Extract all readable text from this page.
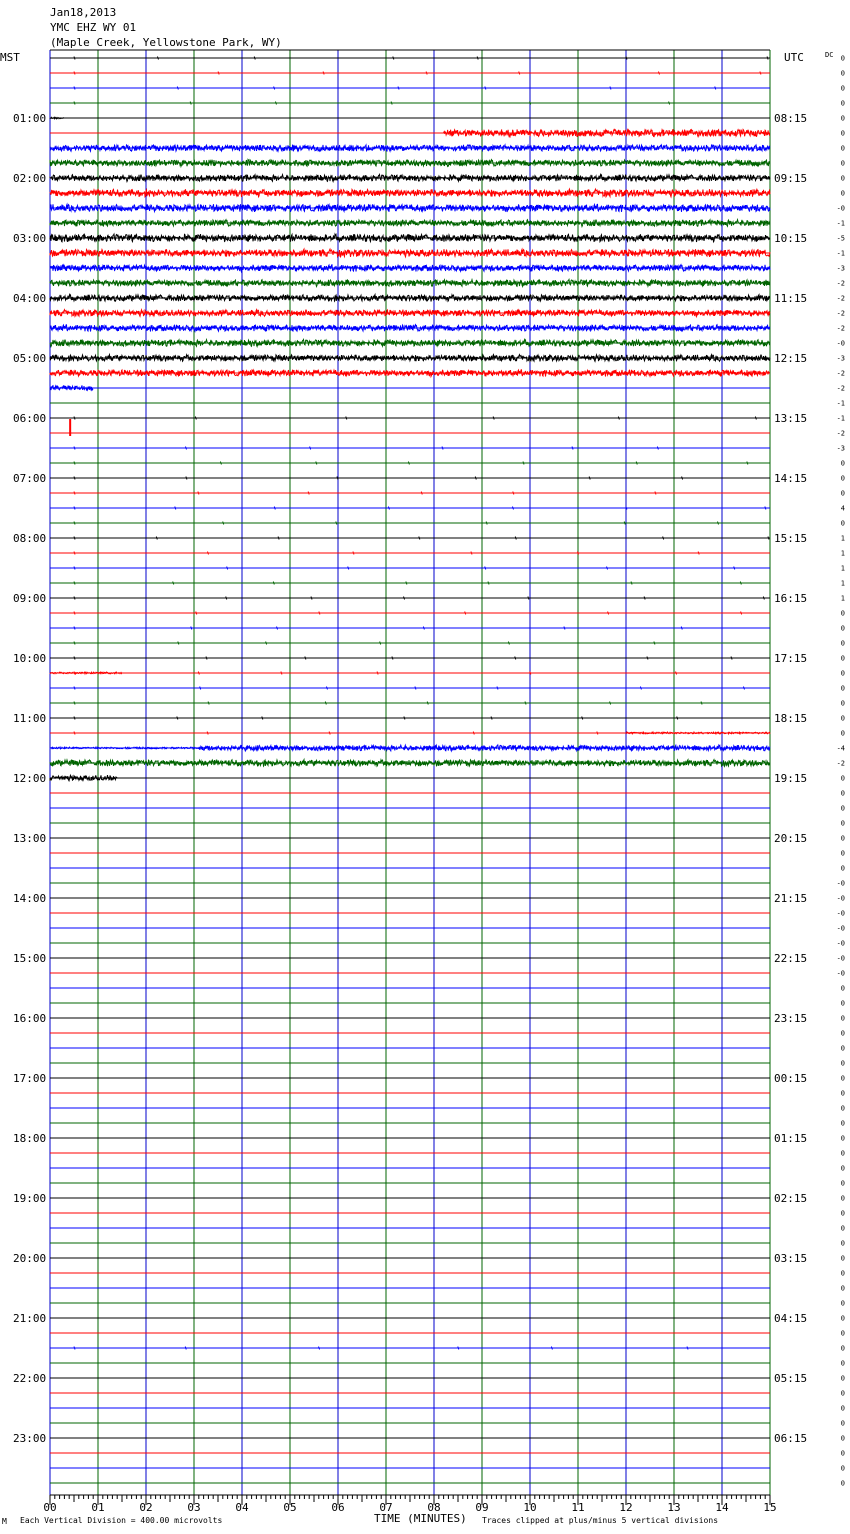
Jan18,2013
YMC EHZ WY 01
(Maple Creek, Yellowstone Park, WY)
MST	UTC	DC
01:00
02:00
03:00
04:00
05:00
06:00
07:00
08:00
09:00
10:00
11:00
12:00
13:00
14:00
15:00
16:00
17:00
18:00
19:00
20:00
21:00
22:00
23:00
08:15
09:15
10:15
11:15
12:15
13:15
14:15
15:15
16:15
17:15
18:15
19:15
20:15
21:15
22:15
23:15
00:15
01:15
02:15
03:15
04:15
05:15
06:15
0
0
0
0
0
0
0
0
0
0
-0
-1
-5
-1
-3
-2
-2
-2
-2
-0
-3
-2
-2
-1
-1
-2
-3
0
0
0
4
0
1
1
1
1
1
0
0
0
0
0
0
0
0
0
-4
-2
0
0
0
0
0
0
0
-0
-0
-0
-0
-0
-0
-0
0
0
0
0
0
0
0
0
0
0
0
0
0
0
0
0
0
0
0
0
0
0
0
0
0
0
0
0
0
0
0
0
0
0
00	01	02	03	04	05	06	07	08	09	10	11	12	13	14	15
M Each Vertical Division = 400.00 microvolts	TIME (MINUTES) Traces clipped at plus/minus 5 vertical divisions
